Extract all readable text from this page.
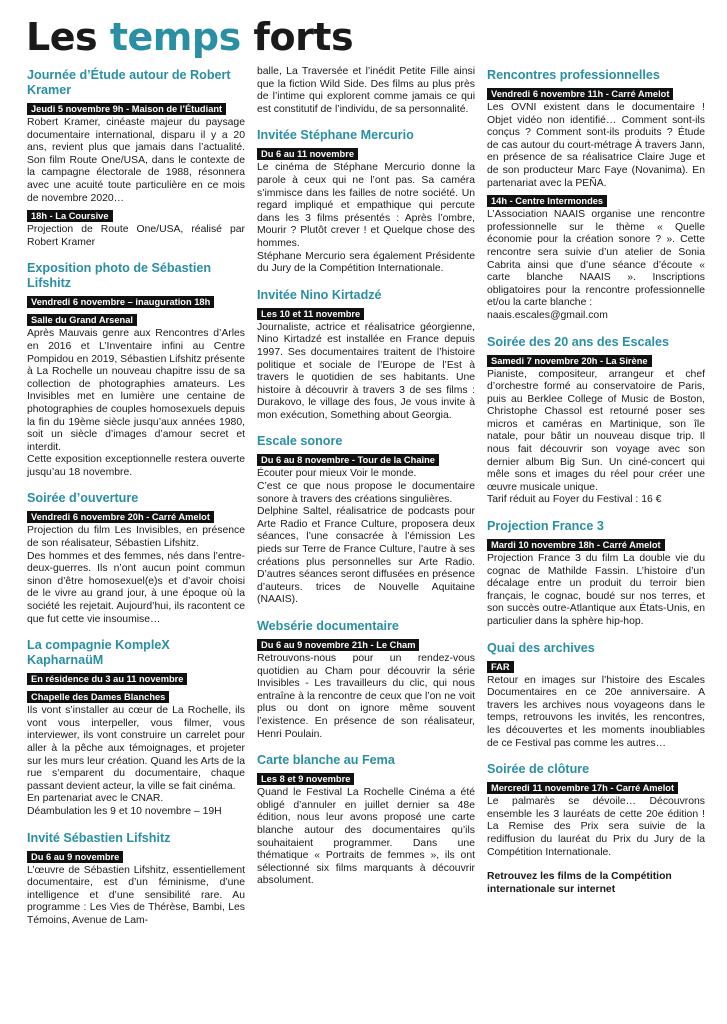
Les temps forts
Journée d’Étude autour de Robert Kramer
Jeudi 5 novembre 9h - Maison de l’Étudiant

Robert Kramer, cinéaste majeur du paysage documentaire international, disparu il y a 20 ans, revient plus que jamais dans l’actualité. Son film Route One/USA, dans le contexte de la campagne électorale de 1988, résonnera avec une acuité toute particulière en ce mois de novembre 2020…

18h - La Coursive

Projection de Route One/USA, réalisé par Robert Kramer

Exposition photo de Sébastien Lifshitz
Vendredi 6 novembre – inauguration 18h
Salle du Grand Arsenal

Après Mauvais genre aux Rencontres d’Arles en 2016 et L’Inventaire infini au Centre Pompidou en 2019, Sébastien Lifshitz présente à La Rochelle un nouveau chapitre issu de sa collection de photographies amateurs. Les Invisibles met en lumière une centaine de photographies de couples homosexuels depuis la fin du 19ème siècle jusqu’aux années 1980, soit un siècle d’images d’amour secret et interdit.

Cette exposition exceptionnelle restera ouverte jusqu’au 18 novembre.

Soirée d’ouverture
Vendredi 6 novembre 20h - Carré Amelot

Projection du film Les Invisibles, en présence de son réalisateur, Sébastien Lifshitz.

Des hommes et des femmes, nés dans l’entre-deux-guerres. Ils n’ont aucun point commun sinon d’être homosexuel(e)s et d’avoir choisi de le vivre au grand jour, à une époque où la société les rejetait. Aujourd’hui, ils racontent ce que fut cette vie insoumise…

La compagnie KompleX KapharnaüM
En résidence du 3 au 11 novembre
Chapelle des Dames Blanches

Ils vont s’installer au cœur de La Rochelle, ils vont vous interpeller, vous filmer, vous interviewer, ils vont construire un carrelet pour aller à la pêche aux témoignages, et projeter sur les murs leur création. Quand les Arts de la rue s’emparent du documentaire, chaque passant devient acteur, la ville se fait cinéma.

En partenariat avec le CNAR.

Déambulation les 9 et 10 novembre – 19H

Invité Sébastien Lifshitz
Du 6 au 9 novembre

L’œuvre de Sébastien Lifshitz, essentiellement documentaire, est d’un féminisme, d’une intelligence et d’une sensibilité rare. Au programme : Les Vies de Thérèse, Bambi, Les Témoins, Avenue de Lam-

balle, La Traversée et l’inédit Petite Fille ainsi que la fiction Wild Side. Des films au plus près de l’intime qui explorent comme jamais ce qui est constitutif de l’individu, de sa personnalité.

Invitée Stéphane Mercurio
Du 6 au 11 novembre

Le cinéma de Stéphane Mercurio donne la parole à ceux qui ne l’ont pas. Sa caméra s’immisce dans les failles de notre société. Un regard impliqué et empathique qui percute dans les 3 films présentés : Après l’ombre, Mourir ? Plutôt crever ! et Quelque chose des hommes.

Stéphane Mercurio sera également Présidente du Jury de la Compétition Internationale.

Invitée Nino Kirtadzé
Les 10 et 11 novembre

Journaliste, actrice et réalisatrice géorgienne, Nino Kirtadzé est installée en France depuis 1997. Ses documentaires traitent de l’histoire politique et sociale de l’Europe de l’Est à travers le quotidien de ses habitants. Une histoire à découvrir à travers 3 de ses films : Durakovo, le village des fous, Je vous invite à mon exécution, Something about Georgia.

Escale sonore
Du 6 au 8 novembre - Tour de la Chaîne

Écouter pour mieux Voir le monde.

C’est ce que nous propose le documentaire sonore à travers des créations singulières.

Delphine Saltel, réalisatrice de podcasts pour Arte Radio et France Culture, proposera deux séances, l’une consacrée à l’émission Les pieds sur Terre de France Culture, l’autre à ses créations plus personnelles sur Arte Radio. D’autres séances seront diffusées en présence d’auteurs. trices de Nouvelle Aquitaine (NAAIS).

Websérie documentaire
Du 6 au 9 novembre 21h - Le Cham

Retrouvons-nous pour un rendez-vous quotidien au Cham pour découvrir la série Invisibles - Les travailleurs du clic, qui nous entraîne à la rencontre de ceux que l’on ne voit plus ou dont on ignore même souvent l’existence. En présence de son réalisateur, Henri Poulain.

Carte blanche au Fema
Les 8 et 9 novembre

Quand le Festival La Rochelle Cinéma a été obligé d’annuler en juillet dernier sa 48e édition, nous leur avons proposé une carte blanche autour des documentaires qu’ils souhaitaient programmer. Dans une thématique « Portraits de femmes », ils ont sélectionné six films marquants à découvrir absolument.

Rencontres professionnelles
Vendredi 6 novembre 11h - Carré Amelot

Les OVNI existent dans le documentaire ! Objet vidéo non identifié… Comment sont-ils conçus ? Comment sont-ils produits ? Étude de cas autour du court-métrage À travers Jann, en présence de sa réalisatrice Claire Juge et de son producteur Marc Faye (Novanima). En partenariat avec la PEÑA.

14h - Centre Intermondes

L’Association NAAIS organise une rencontre professionnelle sur le thème « Quelle économie pour la création sonore ? ». Cette rencontre sera suivie d’un atelier de Sonia Cabrita ainsi que d’une séance d’écoute « carte blanche NAAIS ». Inscriptions obligatoires pour la rencontre professionnelle et/ou la carte blanche :

naais.escales@gmail.com

Soirée des 20 ans des Escales
Samedi 7 novembre 20h - La Sirène

Pianiste, compositeur, arrangeur et chef d’orchestre formé au conservatoire de Paris, puis au Berklee College of Music de Boston, Christophe Chassol est retourné poser ses micros et caméras en Martinique, son île natale, pour bâtir un nouveau disque trip. Il nous fait découvrir son voyage avec son dernier album Big Sun. Un ciné-concert qui mêle sons et images du réel pour créer une œuvre musicale unique.

Tarif réduit au Foyer du Festival : 16 €

Projection France 3
Mardi 10 novembre 18h - Carré Amelot

Projection France 3 du film La double vie du cognac de Mathilde Fassin. L’histoire d’un décalage entre un produit du terroir bien français, le cognac, boudé sur nos terres, et son succès outre-Atlantique aux États-Unis, en particulier dans la sphère hip-hop.

Quai des archives
FAR

Retour en images sur l’histoire des Escales Documentaires en ce 20e anniversaire. A travers les archives nous voyageons dans le temps, retrouvons les invités, les rencontres, les découvertes et les moments inoubliables de ce Festival pas comme les autres…

Soirée de clôture
Mercredi 11 novembre 17h - Carré Amelot

Le palmarès se dévoile… Découvrons ensemble les 3 lauréats de cette 20e édition ! La Remise des Prix sera suivie de la rediffusion du lauréat du Prix du Jury de la Compétition Internationale.

Retrouvez les films de la Compétition internationale sur internet
